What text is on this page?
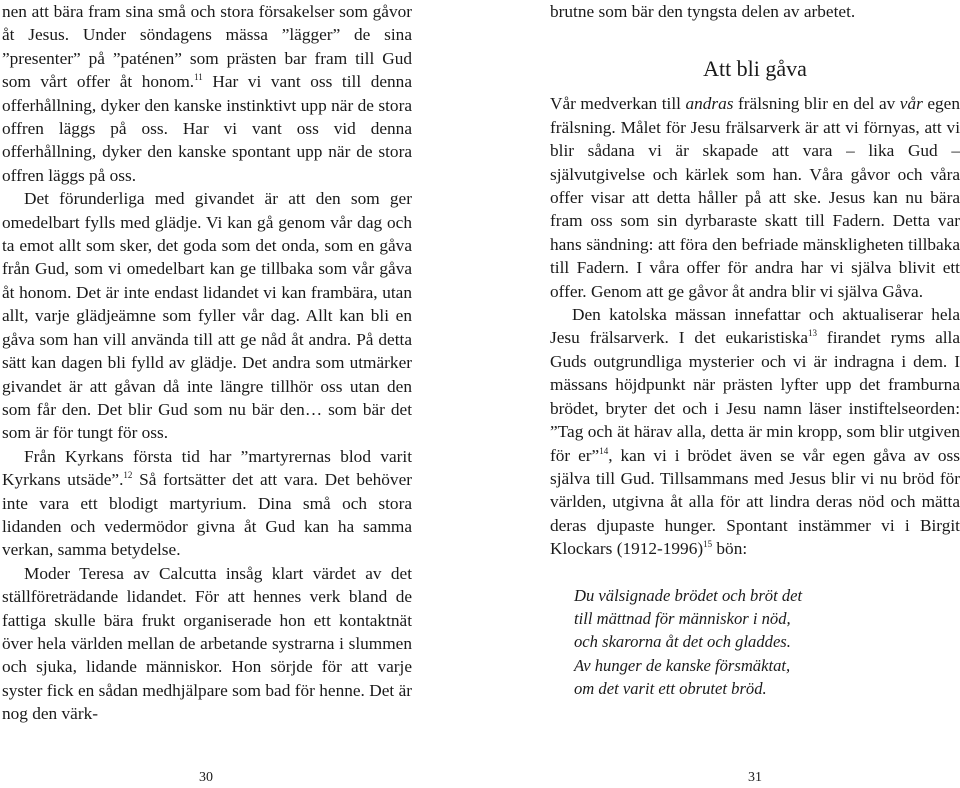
nen att bära fram sina små och stora försakelser som gåvor åt Jesus. Under söndagens mässa ”lägger” de sina ”presenter” på ”paténen” som prästen bar fram till Gud som vårt offer åt honom.$^{11}$ Har vi vant oss till denna offerhållning, dyker den kanske instinktivt upp när de stora offren läggs på oss. Har vi vant oss vid denna offerhållning, dyker den kanske spontant upp när de stora offren läggs på oss.

Det förunderliga med givandet är att den som ger omedelbart fylls med glädje. Vi kan gå genom vår dag och ta emot allt som sker, det goda som det onda, som en gåva från Gud, som vi omedelbart kan ge tillbaka som vår gåva åt honom. Det är inte endast lidandet vi kan frambära, utan allt, varje glädjeämne som fyller vår dag. Allt kan bli en gåva som han vill använda till att ge nåd åt andra. På detta sätt kan dagen bli fylld av glädje. Det andra som utmärker givandet är att gåvan då inte längre tillhör oss utan den som får den. Det blir Gud som nu bär den… som bär det som är för tungt för oss.

Från Kyrkans första tid har ”martyrernas blod varit Kyrkans utsäde”.$^{12}$ Så fortsätter det att vara. Det behöver inte vara ett blodigt martyrium. Dina små och stora lidanden och vedermödor givna åt Gud kan ha samma verkan, samma betydelse.

Moder Teresa av Calcutta insåg klart värdet av det ställföreträdande lidandet. För att hennes verk bland de fattiga skulle bära frukt organiserade hon ett kontaktnät över hela världen mellan de arbetande systrarna i slummen och sjuka, lidande människor. Hon sörjde för att varje syster fick en sådan medhjälpare som bad för henne. Det är nog den värk-

30

brutne som bär den tyngsta delen av arbetet.

Att bli gåva

Vår medverkan till andras frälsning blir en del av vår egen frälsning. Målet för Jesu frälsarverk är att vi förnyas, att vi blir sådana vi är skapade att vara – lika Gud – självutgivelse och kärlek som han. Våra gåvor och våra offer visar att detta håller på att ske. Jesus kan nu bära fram oss som sin dyrbaraste skatt till Fadern. Detta var hans sändning: att föra den befriade mänskligheten tillbaka till Fadern. I våra offer för andra har vi själva blivit ett offer. Genom att ge gåvor åt andra blir vi själva Gåva.

Den katolska mässan innefattar och aktualiserar hela Jesu frälsarverk. I det eukaristiska$^{13}$ firandet ryms alla Guds outgrundliga mysterier och vi är indragna i dem. I mässans höjdpunkt när prästen lyfter upp det framburna brödet, bryter det och i Jesu namn läser instiftelseorden: ”Tag och ät härav alla, detta är min kropp, som blir utgiven för er”$^{14}$, kan vi i brödet även se vår egen gåva av oss själva till Gud. Tillsammans med Jesus blir vi nu bröd för världen, utgivna åt alla för att lindra deras nöd och mätta deras djupaste hunger. Spontant instämmer vi i Birgit Klockars (1912-1996)$^{15}$ bön:

Du välsignade brödet och bröt det
till mättnad för människor i nöd,
och skarorna åt det och gladdes.
Av hunger de kanske försmäktat,
om det varit ett obrutet bröd.
31
